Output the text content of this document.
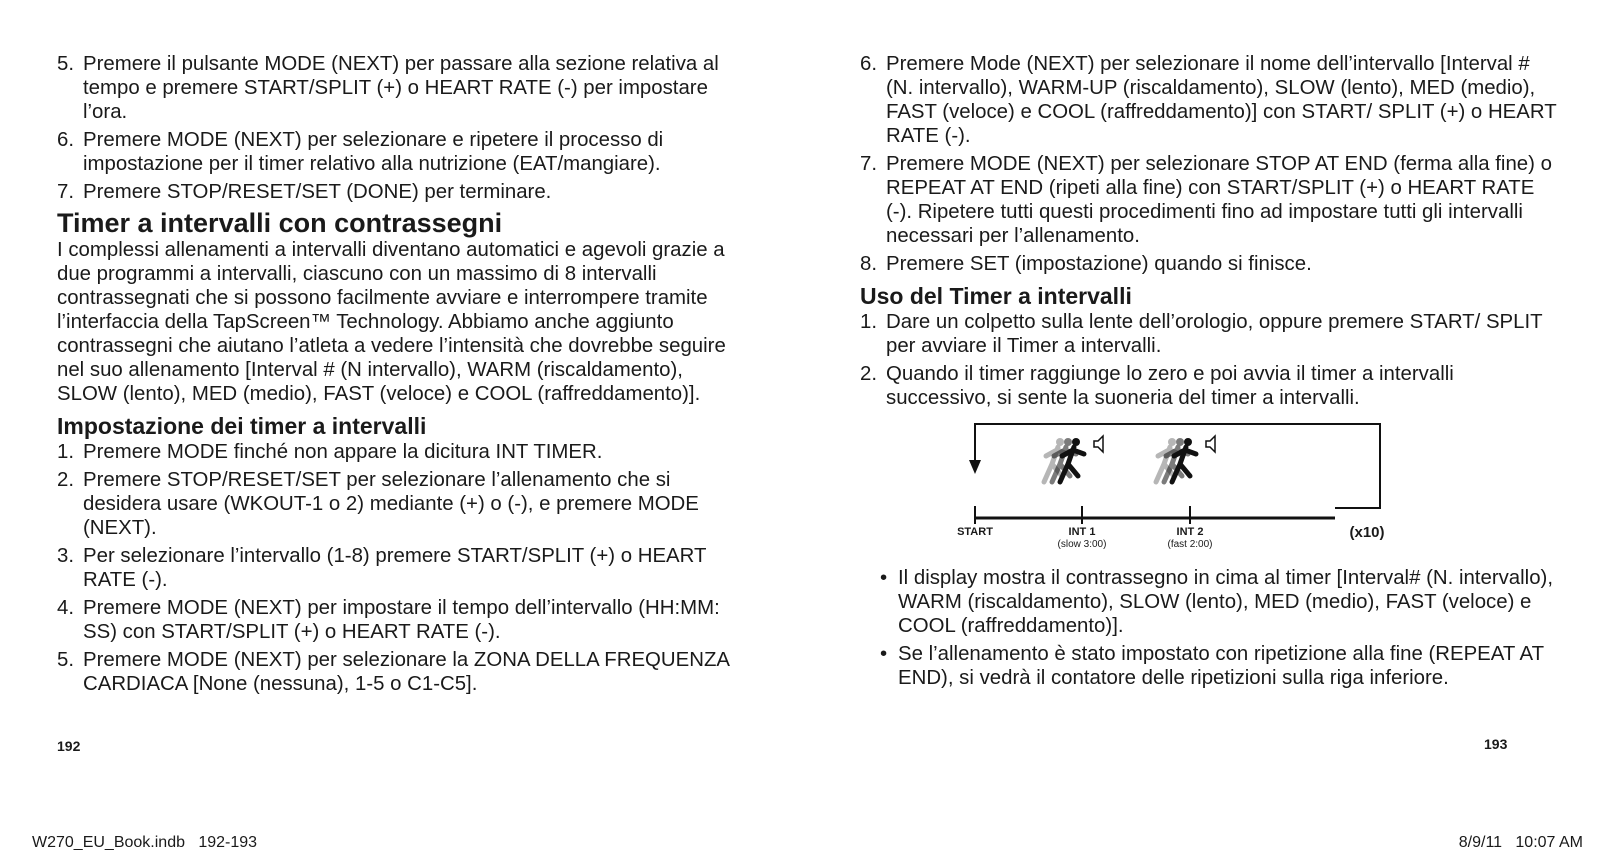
5. Premere il pulsante MODE (NEXT) per passare alla sezione relativa al tempo e premere START/SPLIT (+) o HEART RATE (-) per impostare l’ora.
6. Premere MODE (NEXT) per selezionare e ripetere il processo di impostazione per il timer relativo alla nutrizione (EAT/mangiare).
7. Premere STOP/RESET/SET (DONE) per terminare.
Timer a intervalli con contrassegni
I complessi allenamenti a intervalli diventano automatici e agevoli grazie a due programmi a intervalli, ciascuno con un massimo di 8 intervalli contrassegnati che si possono facilmente avviare e interrompere tramite l’interfaccia della TapScreen™ Technology. Abbiamo anche aggiunto contrassegni che aiutano l’atleta a vedere l’intensità che dovrebbe seguire nel suo allenamento [Interval # (N intervallo), WARM (riscaldamento), SLOW (lento), MED (medio), FAST (veloce) e COOL (raffreddamento)].
Impostazione dei timer a intervalli
1. Premere MODE finché non appare la dicitura INT TIMER.
2. Premere STOP/RESET/SET per selezionare l’allenamento che si desidera usare (WKOUT-1 o 2) mediante (+) o (-), e premere MODE (NEXT).
3. Per selezionare l’intervallo (1-8) premere START/SPLIT (+) o HEART RATE (-).
4. Premere MODE (NEXT) per impostare il tempo dell’intervallo (HH:MM: SS) con START/SPLIT (+) o HEART RATE (-).
5. Premere MODE (NEXT) per selezionare la ZONA DELLA FREQUENZA CARDIACA [None (nessuna), 1-5 o C1-C5].
6. Premere Mode (NEXT) per selezionare il nome dell’intervallo [Interval # (N. intervallo), WARM-UP (riscaldamento), SLOW (lento), MED (medio), FAST (veloce) e COOL (raffreddamento)] con START/ SPLIT (+) o HEART RATE (-).
7. Premere MODE (NEXT) per selezionare STOP AT END (ferma alla fine) o REPEAT AT END (ripeti alla fine) con START/SPLIT (+) o HEART RATE (-). Ripetere tutti questi procedimenti fino ad impostare tutti gli intervalli necessari per l’allenamento.
8. Premere SET (impostazione) quando si finisce.
Uso del Timer a intervalli
1. Dare un colpetto sulla lente dell’orologio, oppure premere START/ SPLIT per avviare il Timer a intervalli.
2. Quando il timer raggiunge lo zero e poi avvia il timer a intervalli successivo, si sente la suoneria del timer a intervalli.
START	INT 1
(slow 3:00)
INT 2
(fast 2:00)
(x10)
• Il display mostra il contrassegno in cima al timer [Interval# (N. intervallo), WARM (riscaldamento), SLOW (lento), MED (medio), FAST (veloce) e COOL (raffreddamento)].
• Se l’allenamento è stato impostato con ripetizione alla fine (REPEAT AT END), si vedrà il contatore delle ripetizioni sulla riga inferiore.
192	193
W270_EU_Book.indb   192-193	8/9/11   10:07 AM
